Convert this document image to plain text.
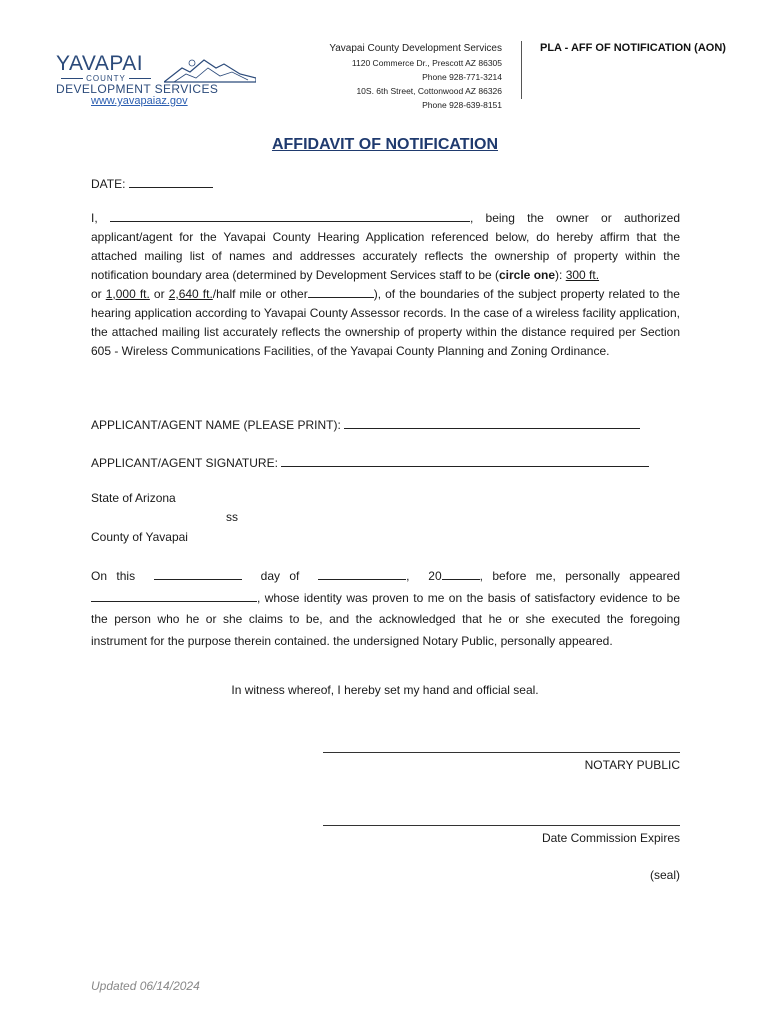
YAVAPAI
COUNTY
DEVELOPMENT SERVICES
www.yavapaiaz.gov
Yavapai County Development Services
1120 Commerce Dr., Prescott AZ 86305
Phone 928-771-3214
10S. 6th Street, Cottonwood AZ 86326
Phone 928-639-8151
PLA - AFF OF NOTIFICATION (AON)
AFFIDAVIT OF NOTIFICATION
DATE:
I,	, being the owner or authorized applicant/agent for the Yavapai County Hearing Application referenced below, do hereby affirm that the attached mailing list of names and addresses accurately reflects the ownership of property within the notification boundary area (determined by Development Services staff to be (circle one): 300 ft.
or 1,000 ft. or 2,640 ft./half mile or other	), of the boundaries of the subject property related to the hearing application according to Yavapai County Assessor records. In the case of a wireless facility application, the attached mailing list accurately reflects the ownership of property within the distance required per Section 605 - Wireless Communications Facilities, of the Yavapai County Planning and Zoning Ordinance.
APPLICANT/AGENT NAME (PLEASE PRINT):
APPLICANT/AGENT SIGNATURE:
State of Arizona
ss
County of Yavapai
On this	day of	,  20	, before me, personally appeared , whose identity was proven to me on the basis of satisfactory evidence to be the person who he or she claims to be, and the acknowledged that he or she executed the foregoing instrument for the purpose therein contained. the undersigned Notary Public, personally appeared.
In witness whereof, I hereby set my hand and official seal.
NOTARY PUBLIC
Date Commission Expires
(seal)
Updated 06/14/2024
